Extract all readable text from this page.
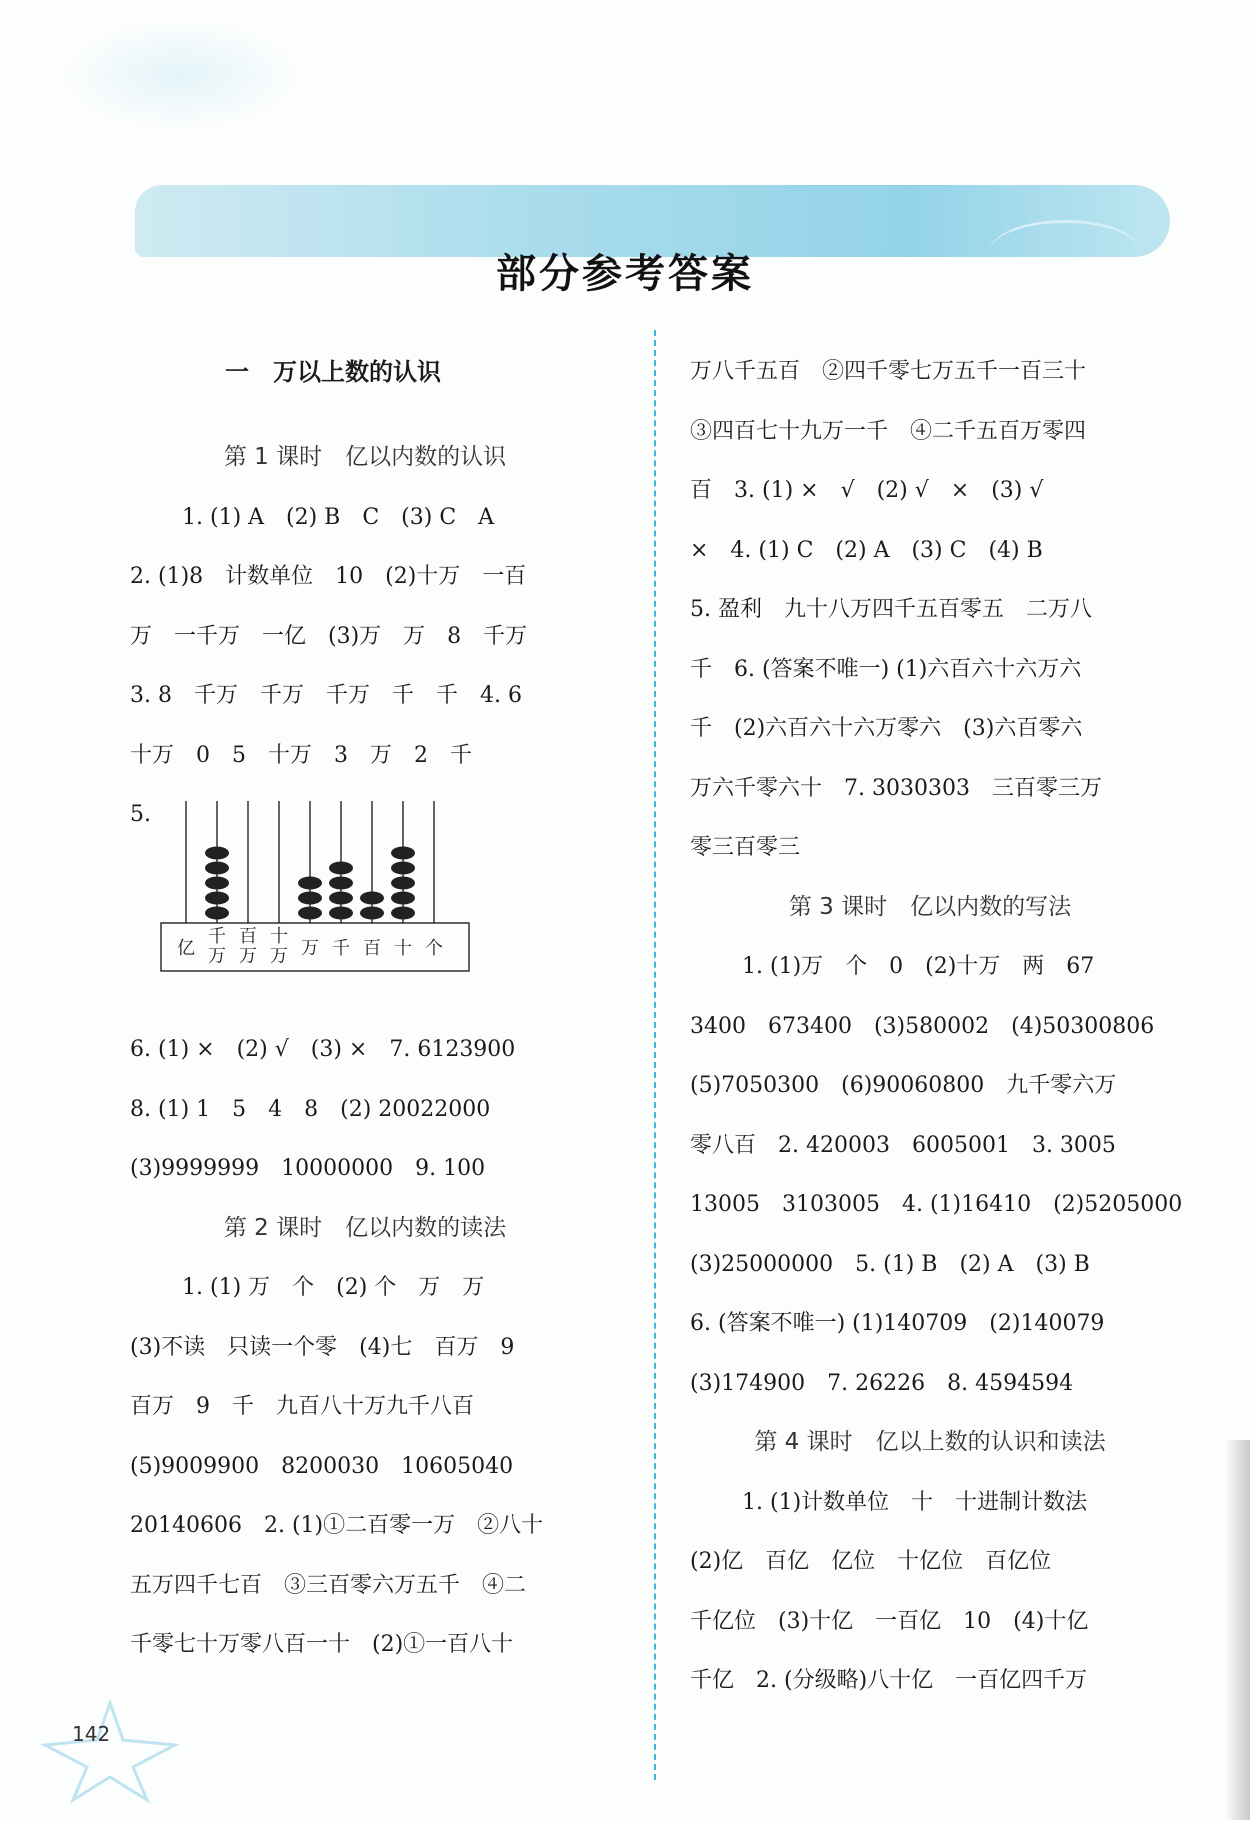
部分参考答案
一　万以上数的认识
第 1 课时　亿以内数的认识
1. (1) A　(2) B　C　(3) C　A
2. (1)8　计数单位　10　(2)十万　一百
万　一千万　一亿　(3)万　万　8　千万
3. 8　千万　千万　千万　千　千　4. 6
十万　0　5　十万　3　万　2　千
5.
亿
千万
百万
十万 万 千 百 十 个
6. (1) ×　(2) √　(3) ×　7. 6123900
8. (1) 1　5　4　8　(2) 20022000
(3)9999999　10000000　9. 100
第 2 课时　亿以内数的读法
1. (1) 万　个　(2) 个　万　万
(3)不读　只读一个零　(4)七　百万　9
百万　9　千　九百八十万九千八百
(5)9009900　8200030　10605040
20140606　2. (1)①二百零一万　②八十
五万四千七百　③三百零六万五千　④二
千零七十万零八百一十　(2)①一百八十
万八千五百　②四千零七万五千一百三十
③四百七十九万一千　④二千五百万零四
百　3. (1) ×　√　(2) √　×　(3) √
×　4. (1) C　(2) A　(3) C　(4) B
5. 盈利　九十八万四千五百零五　二万八
千　6. (答案不唯一) (1)六百六十六万六
千　(2)六百六十六万零六　(3)六百零六
万六千零六十　7. 3030303　三百零三万
零三百零三
第 3 课时　亿以内数的写法
1. (1)万　个　0　(2)十万　两　67
3400　673400　(3)580002　(4)50300806
(5)7050300　(6)90060800　九千零六万
零八百　2. 420003　6005001　3. 3005
13005　3103005　4. (1)16410　(2)5205000
(3)25000000　5. (1) B　(2) A　(3) B
6. (答案不唯一) (1)140709　(2)140079
(3)174900　7. 26226　8. 4594594
第 4 课时　亿以上数的认识和读法
1. (1)计数单位　十　十进制计数法
(2)亿　百亿　亿位　十亿位　百亿位
千亿位　(3)十亿　一百亿　10　(4)十亿
千亿　2. (分级略)八十亿　一百亿四千万
142
